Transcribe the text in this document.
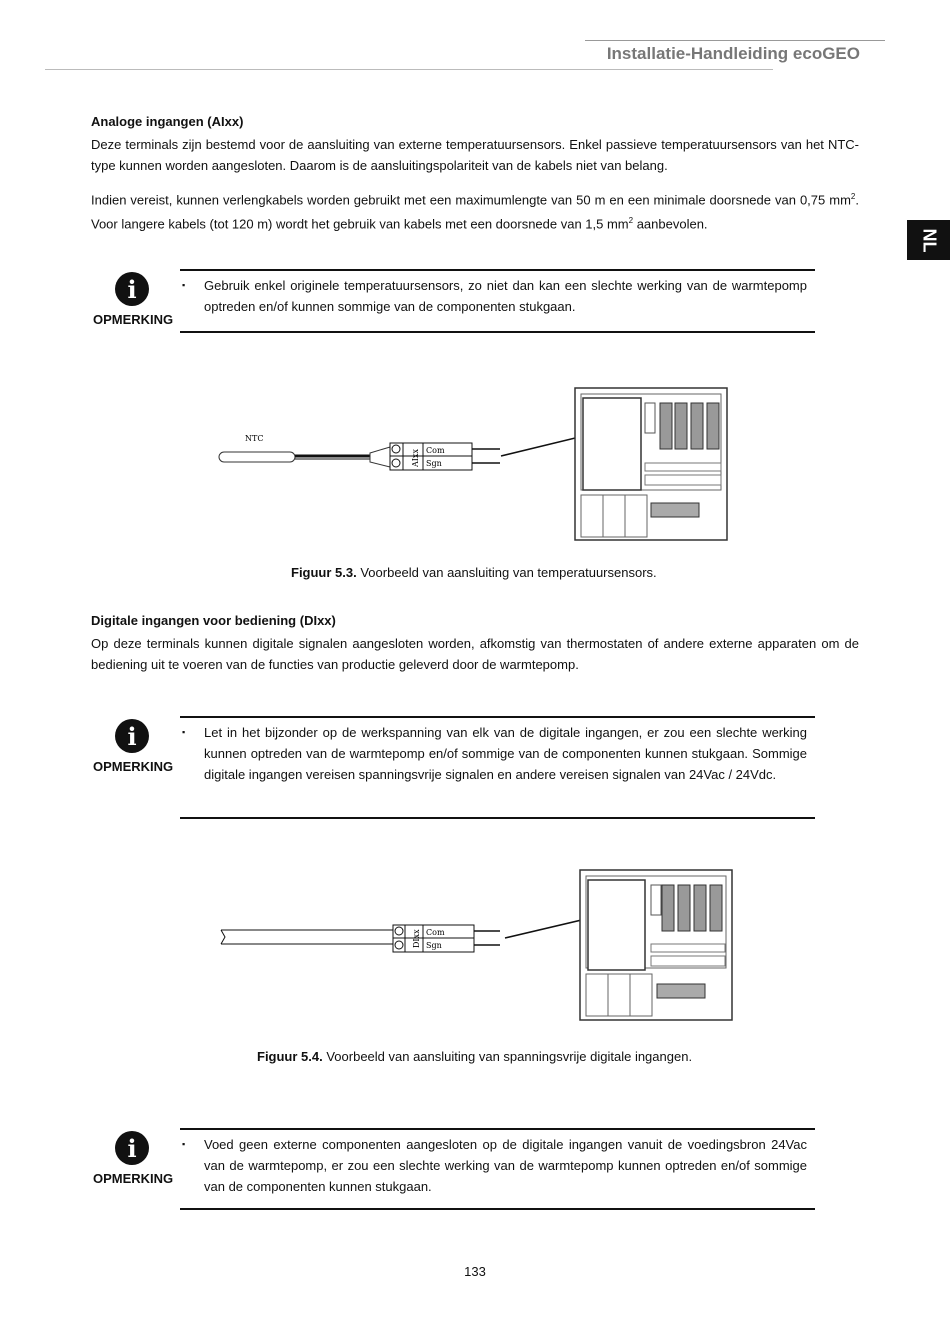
Installatie-Handleiding ecoGEO
NL
Analoge ingangen (AIxx)
Deze terminals zijn bestemd voor de aansluiting van externe temperatuursensors. Enkel passieve temperatuursensors van het NTC-type kunnen worden aangesloten. Daarom is de aansluitingspolariteit van de kabels niet van belang.
Indien vereist, kunnen verlengkabels worden gebruikt met een maximumlengte van 50 m en een minimale doorsnede van 0,75 $mm^2$. Voor langere kabels (tot 120 m) wordt het gebruik van kabels met een doorsnede van 1,5 $mm^2$ aanbevolen.
i
OPMERKING
▪ Gebruik enkel originele temperatuursensors, zo niet dan kan een slechte werking van de warmtepomp optreden en/of kunnen sommige van de componenten stukgaan.
NTC
AIxx Com
Sgn
Figuur 5.3. Voorbeeld van aansluiting van temperatuursensors.
Digitale ingangen voor bediening (DIxx)
Op deze terminals kunnen digitale signalen aangesloten worden, afkomstig van thermostaten of andere externe apparaten om de bediening uit te voeren van de functies van productie geleverd door de warmtepomp.
i
OPMERKING
▪ Let in het bijzonder op de werkspanning van elk van de digitale ingangen, er zou een slechte werking kunnen optreden van de warmtepomp en/of sommige van de componenten kunnen stukgaan. Sommige digitale ingangen vereisen spanningsvrije signalen en andere vereisen signalen van 24Vac / 24Vdc.
DIxx Com
Sgn
Figuur 5.4. Voorbeeld van aansluiting van spanningsvrije digitale ingangen.
i
OPMERKING
▪ Voed geen externe componenten aangesloten op de digitale ingangen vanuit de voedingsbron 24Vac van de warmtepomp, er zou een slechte werking van de warmtepomp kunnen optreden en/of sommige van de componenten kunnen stukgaan.
133
